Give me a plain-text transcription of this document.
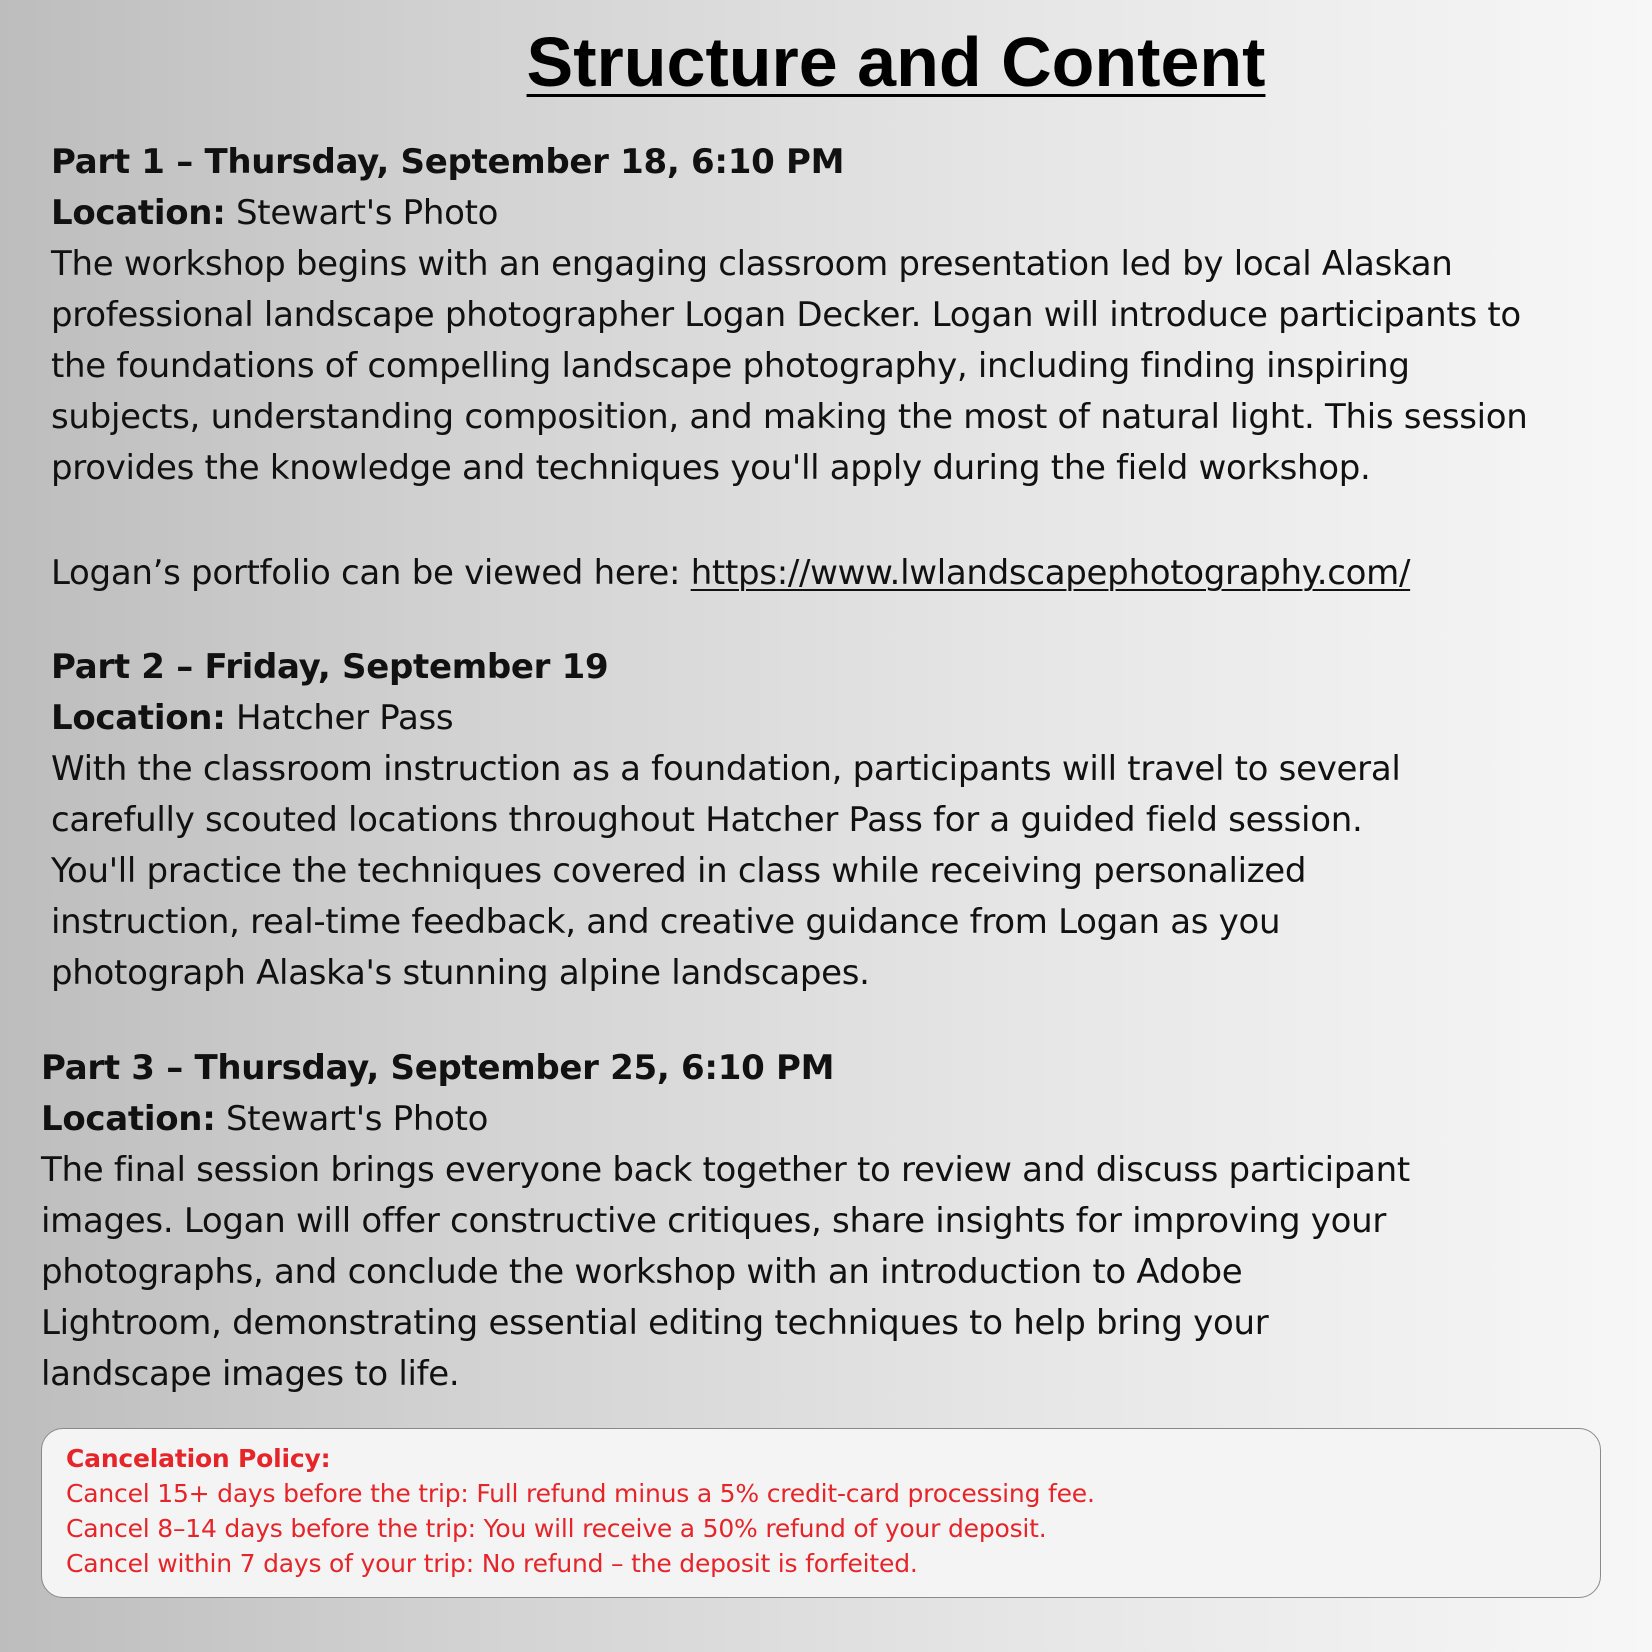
Structure and Content
Part 1 – Thursday, September 18, 6:10 PM
Location: Stewart's Photo

The workshop begins with an engaging classroom presentation led by local Alaskan
professional landscape photographer Logan Decker. Logan will introduce participants to
the foundations of compelling landscape photography, including finding inspiring
subjects, understanding composition, and making the most of natural light. This session
provides the knowledge and techniques you'll apply during the field workshop.

Logan’s portfolio can be viewed here: https://www.lwlandscapephotography.com/
Part 2 – Friday, September 19
Location: Hatcher Pass

With the classroom instruction as a foundation, participants will travel to several
carefully scouted locations throughout Hatcher Pass for a guided field session.
You'll practice the techniques covered in class while receiving personalized
instruction, real-time feedback, and creative guidance from Logan as you
photograph Alaska's stunning alpine landscapes.

Part 3 – Thursday, September 25, 6:10 PM
Location: Stewart's Photo

The final session brings everyone back together to review and discuss participant
images. Logan will offer constructive critiques, share insights for improving your
photographs, and conclude the workshop with an introduction to Adobe
Lightroom, demonstrating essential editing techniques to help bring your
landscape images to life.

Cancelation Policy:
Cancel 15+ days before the trip: Full refund minus a 5% credit-card processing fee.
Cancel 8–14 days before the trip: You will receive a 50% refund of your deposit.
Cancel within 7 days of your trip: No refund – the deposit is forfeited.
